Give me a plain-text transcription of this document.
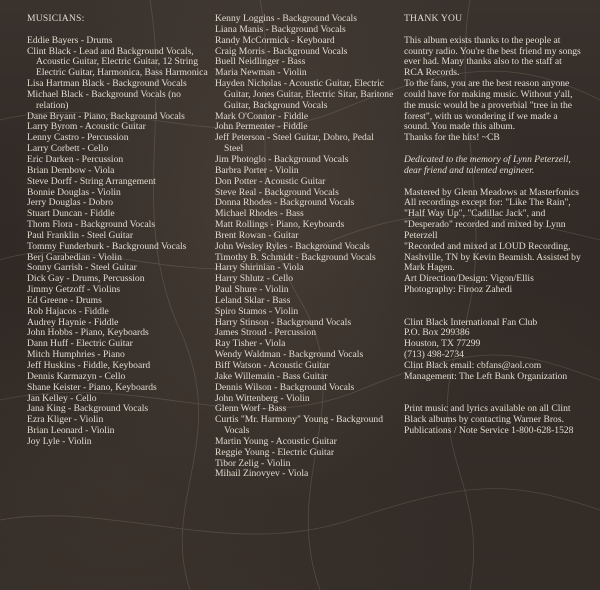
MUSICIANS:
Eddie Bayers - Drums
Clint Black - Lead and Background Vocals, Acoustic Guitar, Electric Guitar, 12 String Electric Guitar, Harmonica, Bass Harmonica
Lisa Hartman Black - Background Vocals
Michael Black - Background Vocals (no relation)
Dane Bryant - Piano, Background Vocals
Larry Byrom - Acoustic Guitar
Lenny Castro - Percussion
Larry Corbett - Cello
Eric Darken - Percussion
Brian Dembow - Viola
Steve Dorff - String Arrangement
Bonnie Douglas - Violin
Jerry Douglas - Dobro
Stuart Duncan - Fiddle
Thom Flora - Background Vocals
Paul Franklin - Steel Guitar
Tommy Funderburk - Background Vocals
Berj Garabedian - Violin
Sonny Garrish - Steel Guitar
Dick Gay - Drums, Percussion
Jimmy Getzoff - Violins
Ed Greene - Drums
Rob Hajacos - Fiddle
Audrey Haynie - Fiddle
John Hobbs - Piano, Keyboards
Dann Huff - Electric Guitar
Mitch Humphries - Piano
Jeff Huskins - Fiddle, Keyboard
Dennis Karmazyn - Cello
Shane Keister - Piano, Keyboards
Jan Kelley - Cello
Jana King - Background Vocals
Ezra Kliger - Violin
Brian Leonard - Violin
Joy Lyle - Violin
Kenny Loggins - Background Vocals
Liana Manis - Background Vocals
Randy McCormick - Keyboard
Craig Morris - Background Vocals
Buell Neidlinger - Bass
Maria Newman - Violin
Hayden Nicholas - Acoustic Guitar, Electric Guitar, Jones Guitar, Electric Sitar, Baritone Guitar, Background Vocals
Mark O'Connor - Fiddle
John Permenter - Fiddle
Jeff Peterson - Steel Guitar, Dobro, Pedal Steel
Jim Photoglo - Background Vocals
Barbra Porter - Violin
Don Potter - Acoustic Guitar
Steve Real - Background Vocals
Donna Rhodes - Background Vocals
Michael Rhodes - Bass
Matt Rollings - Piano, Keyboards
Brent Rowan - Guitar
John Wesley Ryles - Background Vocals
Timothy B. Schmidt - Background Vocals
Harry Shirinian - Viola
Harry Shlutz - Cello
Paul Shure - Violin
Leland Sklar - Bass
Spiro Stamos - Violin
Harry Stinson - Background Vocals
James Stroud - Percussion
Ray Tisher - Viola
Wendy Waldman - Background Vocals
Biff Watson - Acoustic Guitar
Jake Willemain - Bass Guitar
Dennis Wilson - Background Vocals
John Wittenberg - Violin
Glenn Worf - Bass
Curtis "Mr. Harmony" Young - Background Vocals
Martin Young - Acoustic Guitar
Reggie Young - Electric Guitar
Tibor Zelig - Violin
Mihail Zinovyev - Viola
THANK YOU
This album exists thanks to the people at country radio. You're the best friend my songs ever had. Many thanks also to the staff at RCA Records.
To the fans, you are the best reason anyone could have for making music. Without y'all, the music would be a proverbial "tree in the forest", with us wondering if we made a sound. You made this album.
Thanks for the hits! ~CB
Dedicated to the memory of Lynn Peterzell, dear friend and talented engineer.
Mastered by Glenn Meadows at Masterfonics
All recordings except for: "Like The Rain", "Half Way Up", "Cadillac Jack", and "Desperado" recorded and mixed by Lynn Peterzell
"Recorded and mixed at LOUD Recording, Nashville, TN by Kevin Beamish. Assisted by Mark Hagen.
Art Direction/Design: Vigon/Ellis
Photography: Firooz Zahedi
Clint Black International Fan Club
P.O. Box 299386
Houston, TX 77299
(713) 498-2734
Clint Black email: cbfans@aol.com
Management: The Left Bank Organization
Print music and lyrics available on all Clint Black albums by contacting Warner Bros. Publications / Note Service 1-800-628-1528
